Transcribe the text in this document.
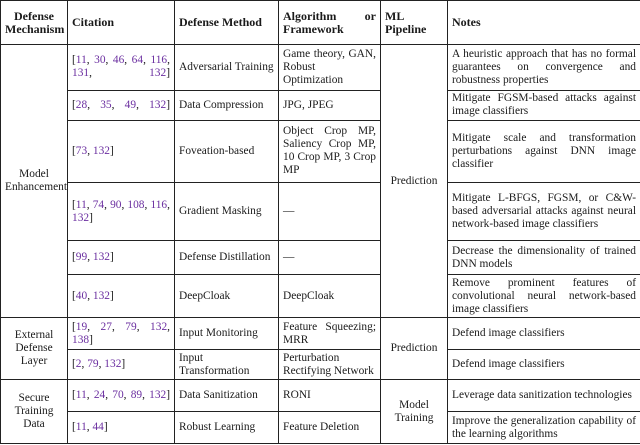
Defense Mechanism	Citation	Defense Method	Algorithm or Framework	ML Pipeline	Notes
Model Enhancement	[11, 30, 46, 64, 116, 131, 132]	Adversarial Training	Game theory, GAN, Robust Optimization	Prediction	A heuristic approach that has no formal guarantees on convergence and robustness properties
	[28, 35, 49, 132]	Data Compression	JPG, JPEG		Mitigate FGSM-based attacks against image classifiers
	[73, 132]	Foveation-based	Object Crop MP, Saliency Crop MP, 10 Crop MP, 3 Crop MP		Mitigate scale and transformation perturbations against DNN image classifier
	[11, 74, 90, 108, 116, 132]	Gradient Masking	—		Mitigate L-BFGS, FGSM, or C&W-based adversarial attacks against neural network-based image classifiers
	[99, 132]	Defense Distillation	—		Decrease the dimensionality of trained DNN models
	[40, 132]	DeepCloak	DeepCloak		Remove prominent features of convolutional neural network-based image classifiers
External Defense Layer	[19, 27, 79, 132, 138]	Input Monitoring	Feature Squeezing; MRR	Prediction	Defend image classifiers
	[2, 79, 132]	Input Transformation	Perturbation Rectifying Network		Defend image classifiers
Secure Training Data	[11, 24, 70, 89, 132]	Data Sanitization	RONI	Model Training	Leverage data sanitization technologies
	[11, 44]	Robust Learning	Feature Deletion		Improve the generalization capability of the learning algorithms
